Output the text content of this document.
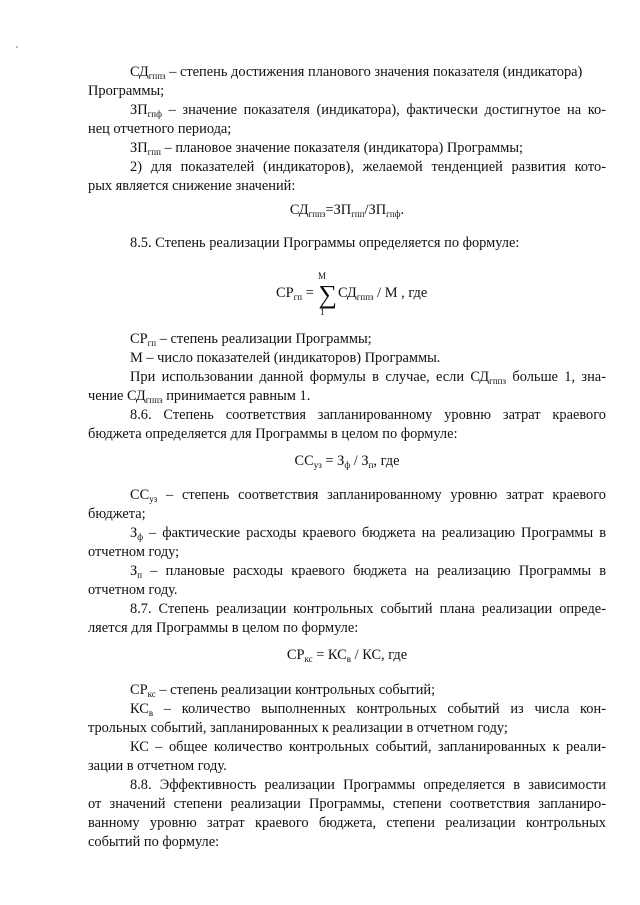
$СД_{гппз}$ – степень достижения планового значения показателя (индикатора)
Программы;
$ЗП_{гпф}$ – значение показателя (индикатора), фактически достигнутое на ко-
нец отчетного периода;
$ЗП_{гпп}$ – плановое значение показателя (индикатора) Программы;
2) для показателей (индикаторов), желаемой тенденцией развития кото-
рых является снижение значений:
$СД_{гппз}=ЗП_{гпп}/ЗП_{гпф}$.
8.5. Степень реализации Программы определяется по формуле:
M
1
$СР_{гп} = \sum СД_{гппз} / M$ , где
$СР_{гп}$ – степень реализации Программы;
М – число показателей (индикаторов) Программы.
При использовании данной формулы в случае, если $СД_{гппз}$ больше 1, зна-
чение $СД_{гппз}$ принимается равным 1.
8.6. Степень соответствия запланированному уровню затрат краевого
бюджета определяется для Программы в целом по формуле:
$СС_{уз} = З_ф / З_п$, где
$СС_{уз}$ – степень соответствия запланированному уровню затрат краевого
бюджета;
$З_ф$ – фактические расходы краевого бюджета на реализацию Программы в
отчетном году;
$З_п$ – плановые расходы краевого бюджета на реализацию Программы в
отчетном году.
8.7. Степень реализации контрольных событий плана реализации опреде-
ляется для Программы в целом по формуле:
$СР_{кс} = КС_в$ / КС, где
$СР_{кс}$ – степень реализации контрольных событий;
$КС_в$ – количество выполненных контрольных событий из числа кон-
трольных событий, запланированных к реализации в отчетном году;
КС – общее количество контрольных событий, запланированных к реали-
зации в отчетном году.
8.8. Эффективность реализации Программы определяется в зависимости
от значений степени реализации Программы, степени соответствия запланиро-
ванному уровню затрат краевого бюджета, степени реализации контрольных
событий по формуле:
